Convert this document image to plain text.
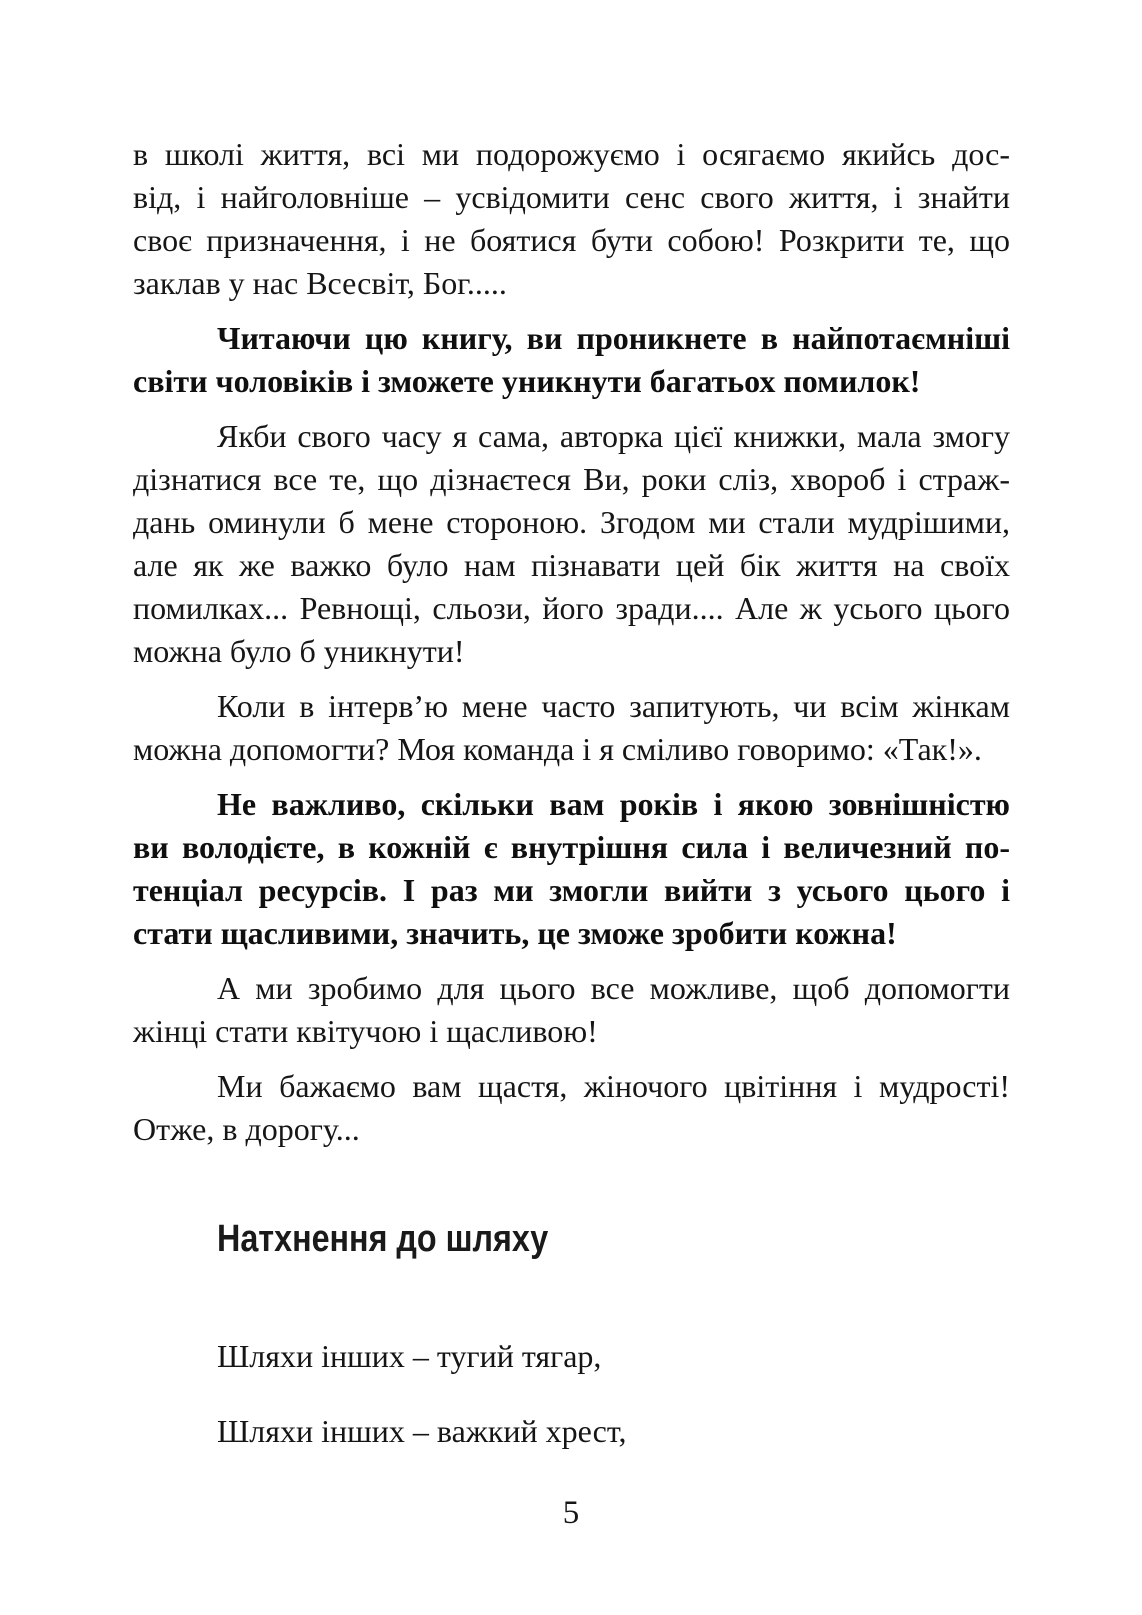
в школі життя, всі ми подорожуємо і осягаємо якийсь дос-
від, і найголовніше – усвідомити сенс свого життя, і знайти
своє призначення, і не боятися бути собою! Розкрити те, що
заклав у нас Всесвіт, Бог.....
Читаючи цю книгу, ви проникнете в найпотаємніші
світи чоловіків і зможете уникнути багатьох помилок!
Якби свого часу я сама, авторка цієї книжки, мала змогу
дізнатися все те, що дізнаєтеся Ви, роки сліз, хвороб і страж-
дань оминули б мене стороною. Згодом ми стали мудрішими,
але як же важко було нам пізнавати цей бік життя на своїх
помилках... Ревнощі, сльози, його зради.... Але ж усього цього
можна було б уникнути!
Коли в інтерв’ю мене часто запитують, чи всім жінкам
можна допомогти? Моя команда і я сміливо говоримо: «Так!».
Не важливо, скільки вам років і якою зовнішністю
ви володієте, в кожній є внутрішня сила і величезний по-
тенціал ресурсів. І раз ми змогли вийти з усього цього і
стати щасливими, значить, це зможе зробити кожна!
А ми зробимо для цього все можливе, щоб допомогти
жінці стати квітучою і щасливою!
Ми бажаємо вам щастя, жіночого цвітіння і мудрості!
Отже, в дорогу...
Натхнення до шляху
Шляхи інших – тугий тягар,
Шляхи інших – важкий хрест,
5
